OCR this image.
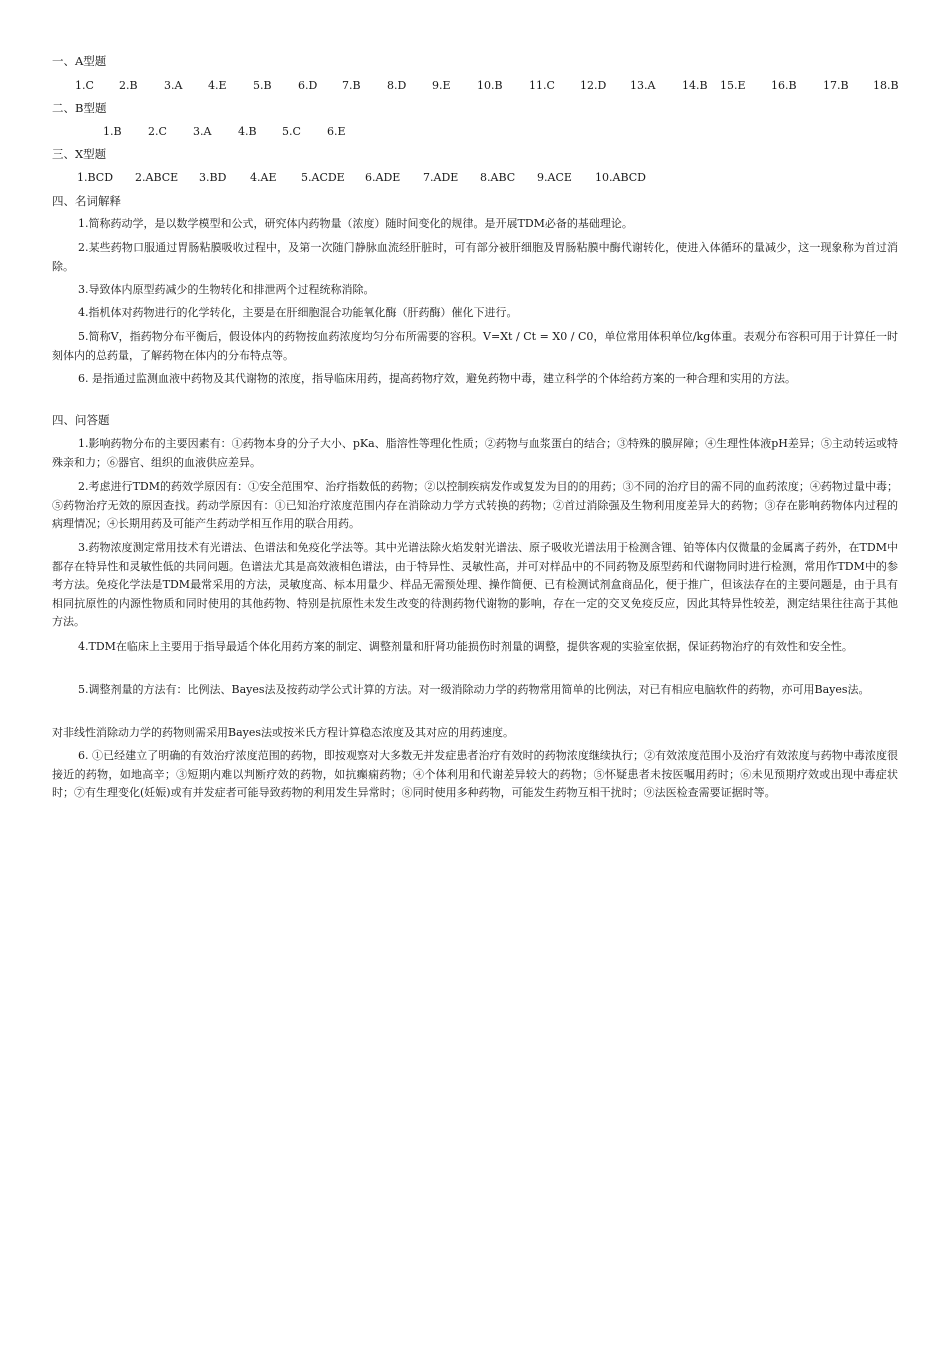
一、A型题
1.C 2.B 3.A 4.E 5.B 6.D 7.B 8.D 9.E 10.B 11.C 12.D 13.A 14.B 15.E 16.B 17.B 18.B
二、B型题
1.B 2.C 3.A 4.B 5.C 6.E
三、X型题
1.BCD 2.ABCE 3.BD 4.AE 5.ACDE 6.ADE 7.ADE 8.ABC 9.ACE 10.ABCD
四、名词解释

1.简称药动学，是以数学模型和公式，研究体内药物量（浓度）随时间变化的规律。是开展TDM必备的基础理论。

2.某些药物口服通过胃肠粘膜吸收过程中，及第一次随门静脉血流经肝脏时，可有部分被肝细胞及胃肠粘膜中酶代谢转化，使进入体循环的量减少，这一现象称为首过消除。

3.导致体内原型药减少的生物转化和排泄两个过程统称消除。

4.指机体对药物进行的化学转化，主要是在肝细胞混合功能氧化酶（肝药酶）催化下进行。

5.简称V，指药物分布平衡后，假设体内的药物按血药浓度均匀分布所需要的容积。V=Xt / Ct = X0 / C0，单位常用体积单位/kg体重。表观分布容积可用于计算任一时刻体内的总药量，了解药物在体内的分布特点等。

6. 是指通过监测血液中药物及其代谢物的浓度，指导临床用药，提高药物疗效，避免药物中毒，建立科学的个体给药方案的一种合理和实用的方法。

四、问答题

1.影响药物分布的主要因素有：①药物本身的分子大小、pKa、脂溶性等理化性质；②药物与血浆蛋白的结合；③特殊的膜屏障；④生理性体液pH差异；⑤主动转运或特殊亲和力；⑥器官、组织的血液供应差异。

2.考虑进行TDM的药效学原因有：①安全范围窄、治疗指数低的药物；②以控制疾病发作或复发为目的的用药；③不同的治疗目的需不同的血药浓度；④药物过量中毒；⑤药物治疗无效的原因查找。药动学原因有：①已知治疗浓度范围内存在消除动力学方式转换的药物；②首过消除强及生物利用度差异大的药物；③存在影响药物体内过程的病理情况；④长期用药及可能产生药动学相互作用的联合用药。

3.药物浓度测定常用技术有光谱法、色谱法和免疫化学法等。其中光谱法除火焰发射光谱法、原子吸收光谱法用于检测含锂、铂等体内仅微量的金属离子药外，在TDM中都存在特异性和灵敏性低的共同问题。色谱法尤其是高效液相色谱法，由于特异性、灵敏性高，并可对样品中的不同药物及原型药和代谢物同时进行检测，常用作TDM中的参考方法。免疫化学法是TDM最常采用的方法，灵敏度高、标本用量少、样品无需预处理、操作简便、已有检测试剂盒商品化，便于推广，但该法存在的主要问题是，由于具有相同抗原性的内源性物质和同时使用的其他药物、特别是抗原性未发生改变的待测药物代谢物的影响，存在一定的交叉免疫反应，因此其特异性较差，测定结果往往高于其他方法。

4.TDM在临床上主要用于指导最适个体化用药方案的制定、调整剂量和肝肾功能损伤时剂量的调整，提供客观的实验室依据，保证药物治疗的有效性和安全性。

5.调整剂量的方法有：比例法、Bayes法及按药动学公式计算的方法。对一级消除动力学的药物常用简单的比例法，对已有相应电脑软件的药物，亦可用Bayes法。

对非线性消除动力学的药物则需采用Bayes法或按米氏方程计算稳态浓度及其对应的用药速度。

6. ①已经建立了明确的有效治疗浓度范围的药物，即按观察对大多数无并发症患者治疗有效时的药物浓度继续执行；②有效浓度范围小及治疗有效浓度与药物中毒浓度很接近的药物，如地高辛；③短期内难以判断疗效的药物，如抗癫痫药物；④个体利用和代谢差异较大的药物；⑤怀疑患者未按医嘱用药时；⑥未见预期疗效或出现中毒症状时；⑦有生理变化(妊娠)或有并发症者可能导致药物的利用发生异常时；⑧同时使用多种药物，可能发生药物互相干扰时；⑨法医检查需要证据时等。
